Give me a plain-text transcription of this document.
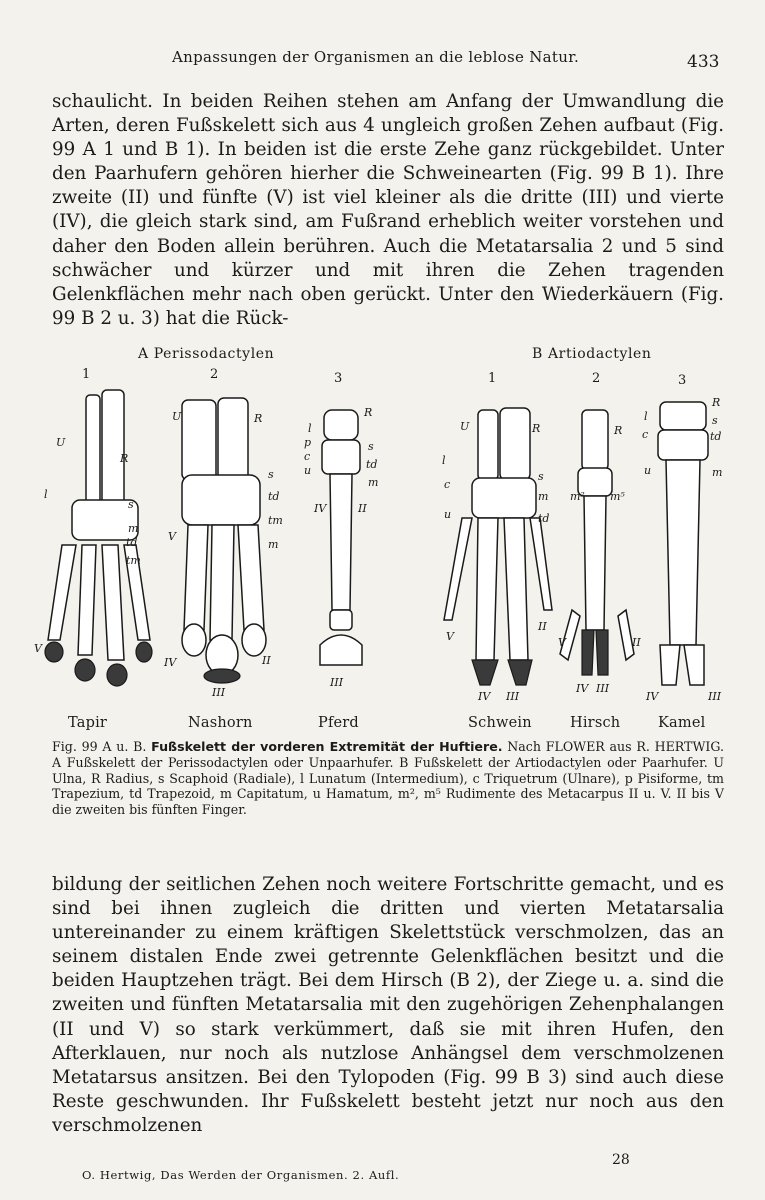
Anpassungen der Organismen an die leblose Natur.	433

schaulicht. In beiden Reihen stehen am Anfang der Umwandlung die Arten, deren Fußskelett sich aus 4 ungleich großen Zehen aufbaut (Fig. 99 A 1 und B 1). In beiden ist die erste Zehe ganz rückgebildet. Unter den Paarhufern gehören hierher die Schweinearten (Fig. 99 B 1). Ihre zweite (II) und fünfte (V) ist viel kleiner als die dritte (III) und vierte (IV), die gleich stark sind, am Fußrand erheblich weiter vorstehen und daher den Boden allein berühren. Auch die Metatarsalia 2 und 5 sind schwächer und kürzer und mit ihren die Zehen tragenden Gelenkflächen mehr nach oben gerückt. Unter den Wiederkäuern (Fig. 99 B 2 u. 3) hat die Rück-

A Perissodactylen	B Artiodactylen
1	2	3	1	2	3
U
R
l
s
m
td
tm
V
U	R
s
td
tm
m
V
IV
III
II
R
s
td
m
l
p
c
u
IV	II
III
U	R
l
c
u
s
m
td
V
II
IV III
R
m² m⁵
V	II
IV III
R
s
td
m
l
c
u
IV	III
Tapir	Nashorn	Pferd	Schwein	Hirsch	Kamel

Fig. 99 A u. B. Fußskelett der vorderen Extremität der Huftiere. Nach FLOWER aus R. HERTWIG. A Fußskelett der Perissodactylen oder Unpaarhufer. B Fußskelett der Artiodactylen oder Paarhufer. U Ulna, R Radius, s Scaphoid (Radiale), l Lunatum (Intermedium), c Triquetrum (Ulnare), p Pisiforme, tm Trapezium, td Trapezoid, m Capitatum, u Hamatum, m², m⁵ Rudimente des Metacarpus II u. V. II bis V die zweiten bis fünften Finger.

bildung der seitlichen Zehen noch weitere Fortschritte gemacht, und es sind bei ihnen zugleich die dritten und vierten Metatarsalia untereinander zu einem kräftigen Skelettstück verschmolzen, das an seinem distalen Ende zwei getrennte Gelenkflächen besitzt und die beiden Hauptzehen trägt. Bei dem Hirsch (B 2), der Ziege u. a. sind die zweiten und fünften Metatarsalia mit den zugehörigen Zehenphalangen (II und V) so stark verkümmert, daß sie mit ihren Hufen, den Afterklauen, nur noch als nutzlose Anhängsel dem verschmolzenen Metatarsus ansitzen. Bei den Tylopoden (Fig. 99 B 3) sind auch diese Reste geschwunden. Ihr Fußskelett besteht jetzt nur noch aus den verschmolzenen

O. Hertwig, Das Werden der Organismen. 2. Aufl.
28
